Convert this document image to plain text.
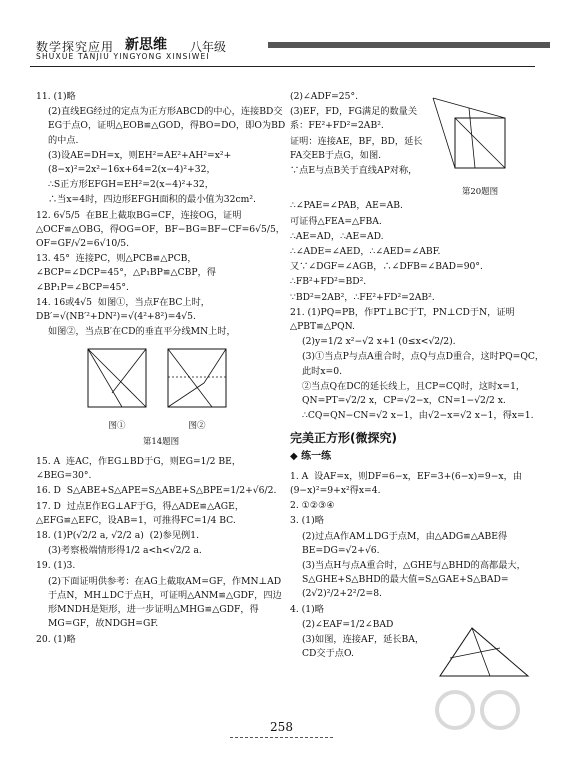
数学探究应用 新思维 八年级
SHUXUE TANJIU YINGYONG XINSIWEI
11. (1)略
(2)直线EG经过的定点为正方形ABCD的中心，连接BD交EG于点O，证明△EOB≌△GOD，得BO=DO，即O为BD的中点.
(3)设AE=DH=x，则EH²=AE²+AH²=x²+(8−x)²=2x²−16x+64=2(x−4)²+32，
∴S正方形EFGH=EH²=2(x−4)²+32，
∴当x=4时，四边形EFGH面积的最小值为32cm².
12. 6√5/5  在BE上截取BG=CF，连接OG，证明△OCF≌△OBG，得OG=OF，BF−BG=BF−CF=6√5/5，OF=GF/√2=6√10/5.
13. 45°  连接PC，则△PCB≌△PCB，∠BCP=∠DCP=45°，△P₁BP≌△CBP，得∠BP₁P=∠BCP=45°.
14. 16或4√5  如图①，当点F在BC上时，DB′=√(NB′²+DN²)=√(4²+8²)=4√5.
如图②，当点B′在CD的垂直平分线MN上时，
图①	图②
第14题图
15. A  连AC，作EG⊥BD于G，则EG=1/2 BE，∠BEG=30°.
16. D  S△ABE+S△APE=S△ABE+S△BPE=1/2+√6/2.
17. D  过点E作EG⊥AF于G，得△ADE≌△AGE，△EFG≌△EFC，设AB=1，可推得FC=1/4 BC.
18. (1)P(√2/2 a, √2/2 a)  (2)参见例1.
(3)考察极端情形得1/2 a<h<√2/2 a.
19. (1)3.
(2)下面证明供参考：在AG上截取AM=GF，作MN⊥AD于点N，MH⊥DC于点H，可证明△ANM≌△GDF，四边形MNDH是矩形，进一步证明△MHG≌△GDF，得MG=GF，故NDGH=GF.
20. (1)略
(2)∠ADF=25°.
(3)EF，FD，FG满足的数量关系：FE²+FD²=2AB².
证明：连接AE，BF，BD，延长FA交EB于点G，如图.
∵点E与点B关于直线AP对称，
第20题图
∴∠PAE=∠PAB，AE=AB.
可证得△FEA=△FBA.
∴AE=AD，∴AE=AD.
∴∠ADE=∠AED，∴∠AED=∠ABF.
又∵∠DGF=∠AGB，∴∠DFB=∠BAD=90°.
∴FB²+FD²=BD².
∵BD²=2AB²，∴FE²+FD²=2AB².
21. (1)PQ=PB，作PT⊥BC于T，PN⊥CD于N，证明△PBT≌△PQN.
(2)y=1/2 x²−√2 x+1 (0≤x<√2/2).
(3)①当点P与点A重合时，点Q与点D重合，这时PQ=QC，此时x=0.
②当点Q在DC的延长线上，且CP=CQ时，这时x=1，QN=PT=√2/2 x，CP=√2−x，CN=1−√2/2 x.
∴CQ=QN−CN=√2 x−1，由√2−x=√2 x−1，得x=1.
完美正方形(微探究)
◆ 练一练
1. A  设AF=x，则DF=6−x，EF=3+(6−x)=9−x，由(9−x)²=9+x²得x=4.
2. ①②③④
3. (1)略
(2)过点A作AM⊥DG于点M，由△ADG≌△ABE得BE=DG=√2+√6.
(3)当点H与点A重合时，△GHE与△BHD的高都最大，S△GHE+S△BHD的最大值=S△GAE+S△BAD=(2√2)²/2+2²/2=8.
4. (1)略
(2)∠EAF=1/2∠BAD
(3)如图，连接AF，延长BA，CD交于点O.
258
